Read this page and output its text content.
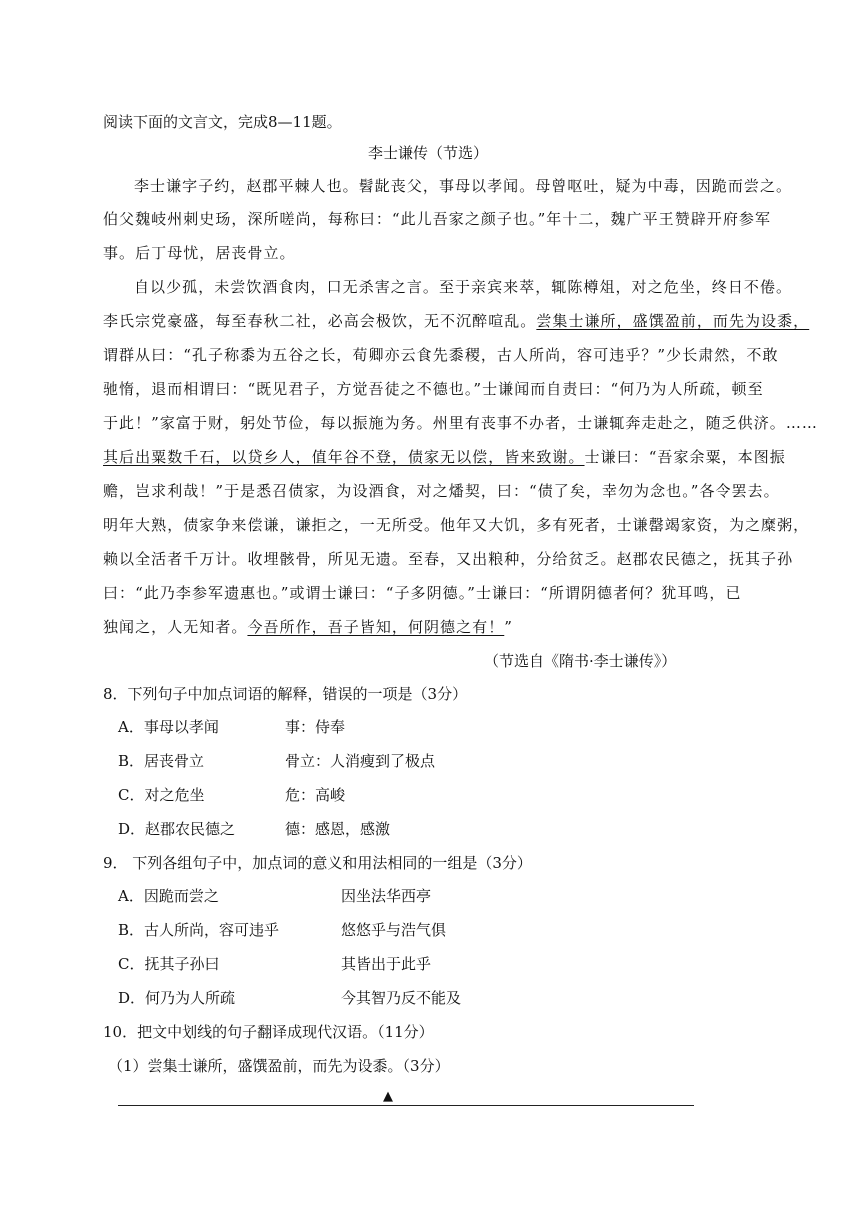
阅读下面的文言文，完成8—11题。
李士谦传（节选）
李士谦字子约，赵郡平棘人也。髫龀丧父，事母以孝闻。母曾呕吐，疑为中毒，因跪而尝之。
伯父魏岐州刺史玚，深所嗟尚，每称曰：“此儿吾家之颜子也。”年十二，魏广平王赞辟开府参军
事。后丁母忧，居丧骨立。
自以少孤，未尝饮酒食肉，口无杀害之言。至于亲宾来萃，辄陈樽俎，对之危坐，终日不倦。
李氏宗党豪盛，每至春秋二社，必高会极饮，无不沉醉喧乱。尝集士谦所，盛馔盈前，而先为设黍，
谓群从曰：“孔子称黍为五谷之长，荀卿亦云食先黍稷，古人所尚，容可违乎？”少长肃然，不敢
驰惰，退而相谓曰：“既见君子，方觉吾徒之不德也。”士谦闻而自责曰：“何乃为人所疏，顿至
于此！”家富于财，躬处节俭，每以振施为务。州里有丧事不办者，士谦辄奔走赴之，随乏供济。……
其后出粟数千石，以贷乡人，值年谷不登，债家无以偿，皆来致谢。士谦曰：“吾家余粟，本图振
赡，岂求利哉！”于是悉召债家，为设酒食，对之燔契，曰：“债了矣，幸勿为念也。”各令罢去。
明年大熟，债家争来偿谦，谦拒之，一无所受。他年又大饥，多有死者，士谦罄竭家资，为之糜粥，
赖以全活者千万计。收埋骸骨，所见无遗。至春，又出粮种，分给贫乏。赵郡农民德之，抚其子孙
曰：“此乃李参军遗惠也。”或谓士谦曰：“子多阴德。”士谦曰：“所谓阴德者何？犹耳鸣，已
独闻之，人无知者。今吾所作，吾子皆知，何阴德之有！”
（节选自《隋书·李士谦传》）
8．下列句子中加点词语的解释，错误的一项是（3分）
A．事母以孝闻	事：侍奉
B．居丧骨立	骨立：人消瘦到了极点
C．对之危坐	危：高峻
D．赵郡农民德之	德：感恩，感激
9． 下列各组句子中，加点词的意义和用法相同的一组是（3分）
A．因跪而尝之	因坐法华西亭
B．古人所尚，容可违乎	悠悠乎与浩气俱
C．抚其子孙曰	其皆出于此乎
D．何乃为人所疏	今其智乃反不能及
10．把文中划线的句子翻译成现代汉语。（11分）
（1）尝集士谦所，盛馔盈前，而先为设黍。（3分）
▲
